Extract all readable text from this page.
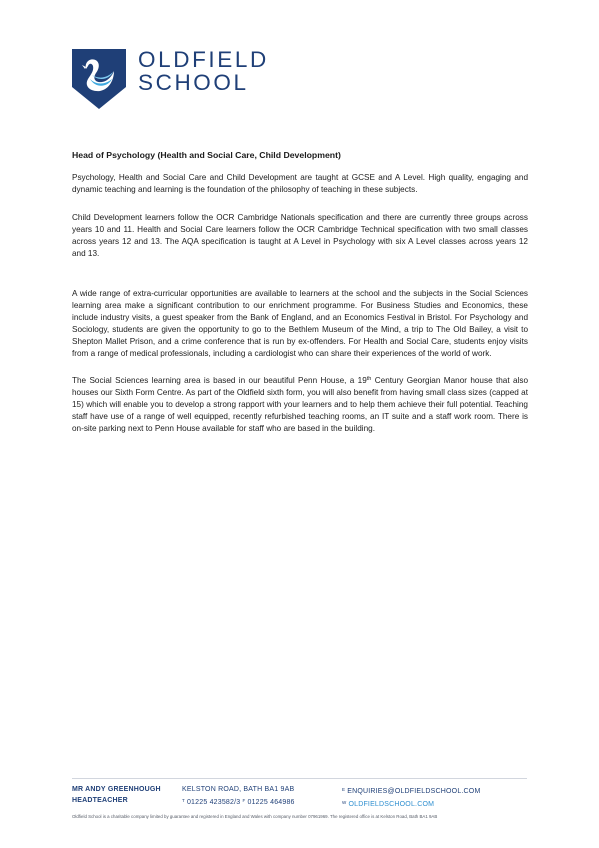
OLDFIELD
SCHOOL
Head of Psychology (Health and Social Care, Child Development)

Psychology, Health and Social Care and Child Development are taught at GCSE and A Level. High quality, engaging and dynamic teaching and learning is the foundation of the philosophy of teaching in these subjects.

Child Development learners follow the OCR Cambridge Nationals specification and there are currently three groups across years 10 and 11. Health and Social Care learners follow the OCR Cambridge Technical specification with two small classes across years 12 and 13. The AQA specification is taught at A Level in Psychology with six A Level classes across years 12 and 13.

A wide range of extra-curricular opportunities are available to learners at the school and the subjects in the Social Sciences learning area make a significant contribution to our enrichment programme. For Business Studies and Economics, these include industry visits, a guest speaker from the Bank of England, and an Economics Festival in Bristol. For Psychology and Sociology, students are given the opportunity to go to the Bethlem Museum of the Mind, a trip to The Old Bailey, a visit to Shepton Mallet Prison, and a crime conference that is run by ex-offenders. For Health and Social Care, students enjoy visits from a range of medical professionals, including a cardiologist who can share their experiences of the world of work.

The Social Sciences learning area is based in our beautiful Penn House, a 19th Century Georgian Manor house that also houses our Sixth Form Centre. As part of the Oldfield sixth form, you will also benefit from having small class sizes (capped at 15) which will enable you to develop a strong rapport with your learners and to help them achieve their full potential. Teaching staff have use of a range of well equipped, recently refurbished teaching rooms, an IT suite and a staff work room. There is on-site parking next to Penn House available for staff who are based in the building.

MR ANDY GREENHOUGH
HEADTEACHER
KELSTON ROAD, BATH BA1 9AB
$^T$ 01225 423582/3 $^F$ 01225 464986
$^E$ ENQUIRIES@OLDFIELDSCHOOL.COM
$^W$ OLDFIELDSCHOOL.COM
Oldfield School is a charitable company limited by guarantee and registered in England and Wales with company number 07961969. The registered office is at Kelston Road, Bath BA1 9AB
